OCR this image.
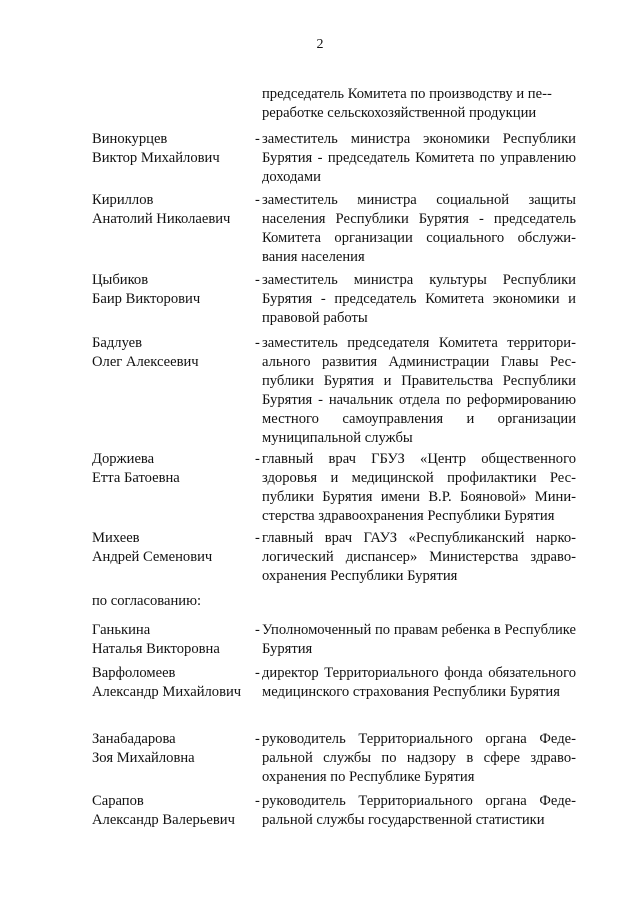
2
председатель Комитета по производству и пе-реработке сельскохозяйственной продукции
Винокурцев
Виктор Михайлович
- заместитель министра экономики Республики Бурятия - председатель Комитета по управлению доходами
Кириллов
Анатолий Николаевич
- заместитель министра социальной защиты населения Республики Бурятия - председатель Комитета организации социального обслуживания населения
Цыбиков
Баир Викторович
- заместитель министра культуры Республики Бурятия - председатель Комитета экономики и правовой работы
Бадлуев
Олег Алексеевич
- заместитель председателя Комитета территориального развития Администрации Главы Республики Бурятия и Правительства Республики Бурятия - начальник отдела по реформированию местного самоуправления и организации муниципальной службы
Доржиева
Етта Батоевна
- главный врач ГБУЗ «Центр общественного здоровья и медицинской профилактики Республики Бурятия имени В.Р. Бояновой» Министерства здравоохранения Республики Бурятия
Михеев
Андрей Семенович
- главный врач ГАУЗ «Республиканский наркологический диспансер» Министерства здравоохранения Республики Бурятия
по согласованию:
Ганькина
Наталья Викторовна
- Уполномоченный по правам ребенка в Республике Бурятия
Варфоломеев
Александр Михайлович
- директор Территориального фонда обязательного медицинского страхования Республики Бурятия
Занабадарова
Зоя Михайловна
- руководитель Территориального органа Федеральной службы по надзору в сфере здравоохранения по Республике Бурятия
Сарапов
Александр Валерьевич
- руководитель Территориального органа Федеральной службы государственной статистики
